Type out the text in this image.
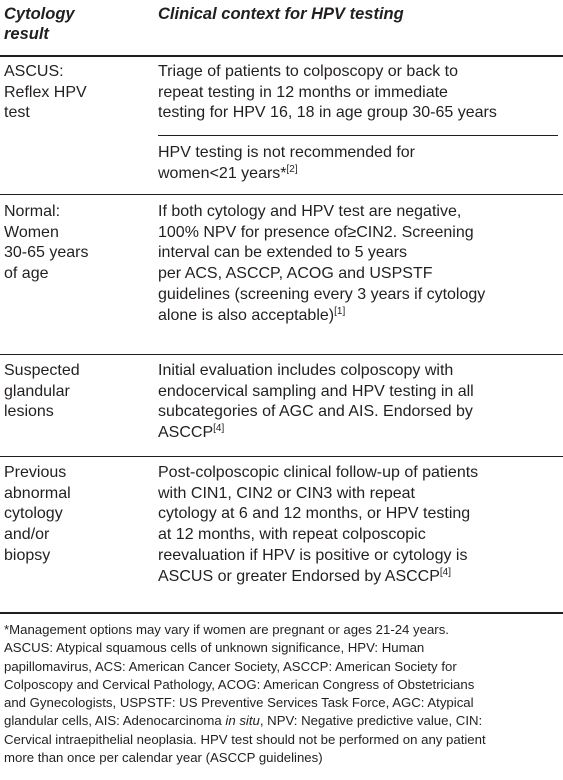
Cytology
result
Clinical context for HPV testing
ASCUS:
Reflex HPV
test
Triage of patients to colposcopy or back to
repeat testing in 12 months or immediate
testing for HPV 16, 18 in age group 30-65 years
HPV testing is not recommended for
women<21 years*[2]
Normal:
Women
30-65 years
of age
If both cytology and HPV test are negative,
100% NPV for presence of≥CIN2. Screening
interval can be extended to 5 years
per ACS, ASCCP, ACOG and USPSTF
guidelines (screening every 3 years if cytology
alone is also acceptable)[1]
Suspected
glandular
lesions
Initial evaluation includes colposcopy with
endocervical sampling and HPV testing in all
subcategories of AGC and AIS. Endorsed by
ASCCP[4]
Previous
abnormal
cytology
and/or
biopsy
Post-colposcopic clinical follow-up of patients
with CIN1, CIN2 or CIN3 with repeat
cytology at 6 and 12 months, or HPV testing
at 12 months, with repeat colposcopic
reevaluation if HPV is positive or cytology is
ASCUS or greater Endorsed by ASCCP[4]
*Management options may vary if women are pregnant or ages 21-24 years.
ASCUS: Atypical squamous cells of unknown significance, HPV: Human
papillomavirus, ACS: American Cancer Society, ASCCP: American Society for
Colposcopy and Cervical Pathology, ACOG: American Congress of Obstetricians
and Gynecologists, USPSTF: US Preventive Services Task Force, AGC: Atypical
glandular cells, AIS: Adenocarcinoma in situ, NPV: Negative predictive value, CIN:
Cervical intraepithelial neoplasia. HPV test should not be performed on any patient
more than once per calendar year (ASCCP guidelines)
